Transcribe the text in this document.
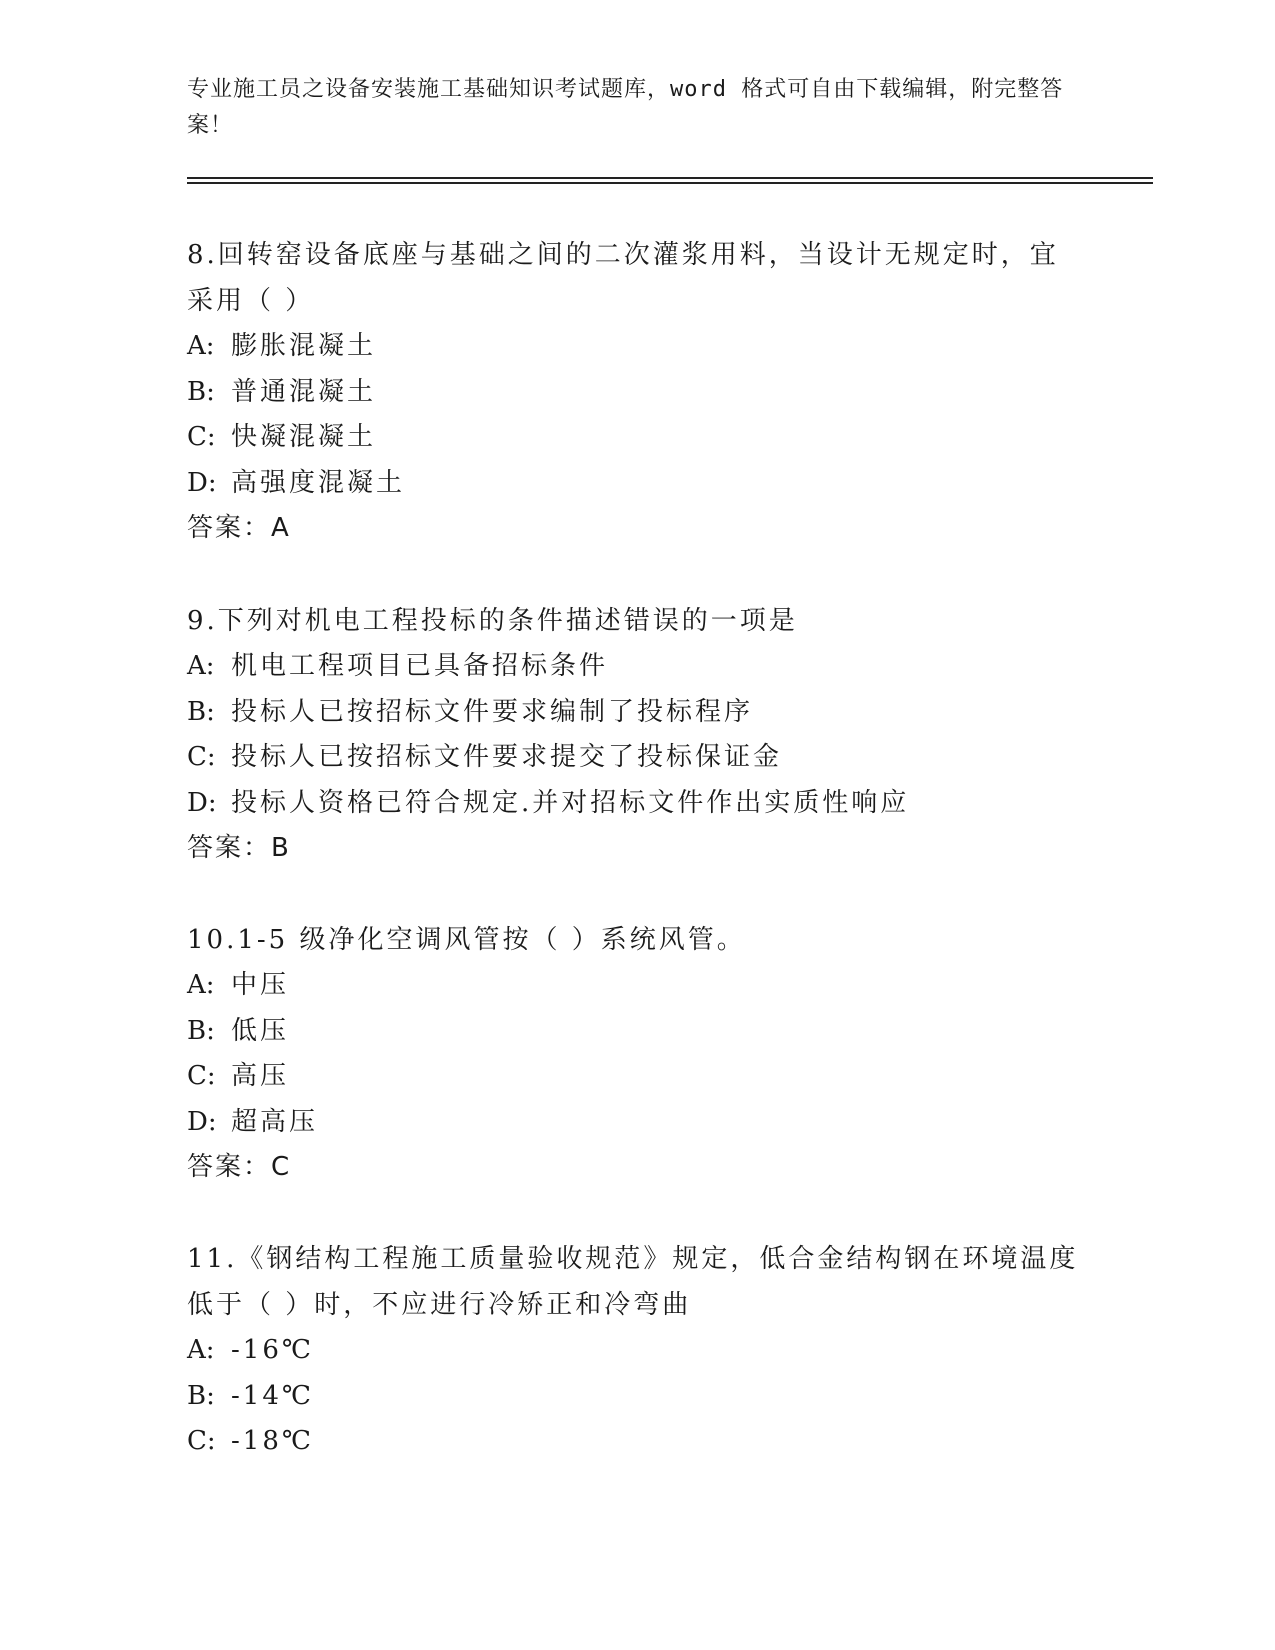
专业施工员之设备安装施工基础知识考试题库，word 格式可自由下载编辑，附完整答案！

8.回转窑设备底座与基础之间的二次灌浆用料，当设计无规定时，宜采用（ ）

A: 膨胀混凝土

B: 普通混凝土

C: 快凝混凝土

D: 高强度混凝土

答案：A

9.下列对机电工程投标的条件描述错误的一项是

A: 机电工程项目已具备招标条件

B: 投标人已按招标文件要求编制了投标程序

C: 投标人已按招标文件要求提交了投标保证金

D: 投标人资格已符合规定.并对招标文件作出实质性响应

答案：B

10.1-5 级净化空调风管按（ ）系统风管。

A: 中压

B: 低压

C: 高压

D: 超高压

答案：C

11.《钢结构工程施工质量验收规范》规定，低合金结构钢在环境温度低于（ ）时，不应进行冷矫正和冷弯曲

A: -16℃

B: -14℃

C: -18℃
